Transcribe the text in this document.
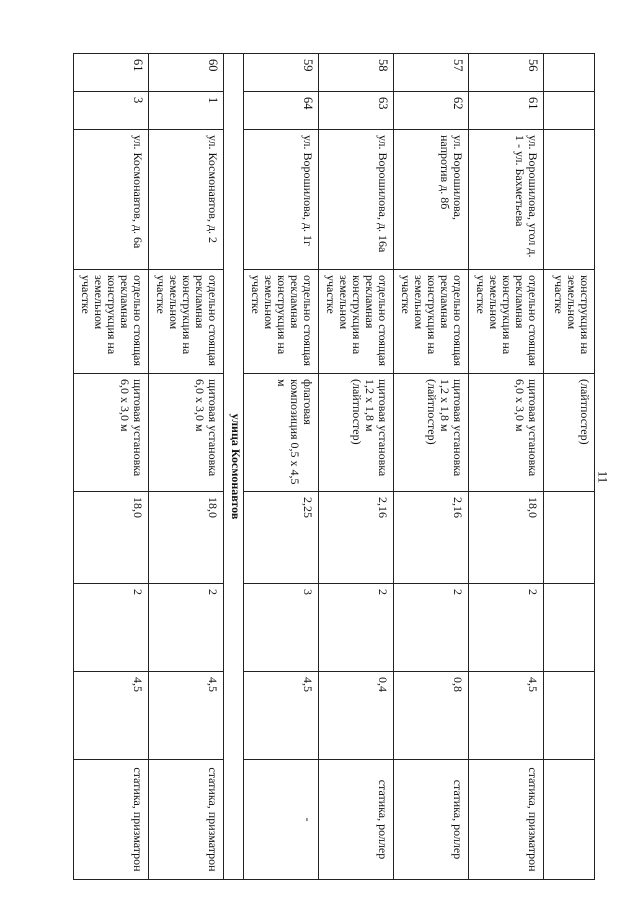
11
			конструкция на земельном участке	(лайтпостер)				
56	61	ул. Ворошилова, угол д. 1 - ул. Бахметьева	отдельно стоящая рекламная конструкция на земельном участке	щитовая установка 6,0 х 3,0 м	18,0	2	4,5	статика, призматрон
57	62	ул. Ворошилова, напротив д. 8б	отдельно стоящая рекламная конструкция на земельном участке	щитовая установка 1,2 х 1,8 м (лайтпостер)	2,16	2	0,8	статика, роллер
58	63	ул. Ворошилова, д. 16а	отдельно стоящая рекламная конструкция на земельном участке	щитовая установка 1,2 х 1,8 м (лайтпостер)	2,16	2	0,4	статика, роллер
59	64	ул. Ворошилова, д. 1г	отдельно стоящая рекламная конструкция на земельном участке	флаговая композиция 0,5 х 4,5 м	2,25	3	4,5	-
улица Космонавтов								
60	1	ул. Космонавтов, д. 2	отдельно стоящая рекламная конструкция на земельном участке	щитовая установка 6,0 х 3,0 м	18,0	2	4,5	статика, призматрон
61	3	ул. Космонавтов, д. 6а	отдельно стоящая рекламная конструкция на земельном участке	щитовая установка 6,0 х 3,0 м	18,0	2	4,5	статика, призматрон
